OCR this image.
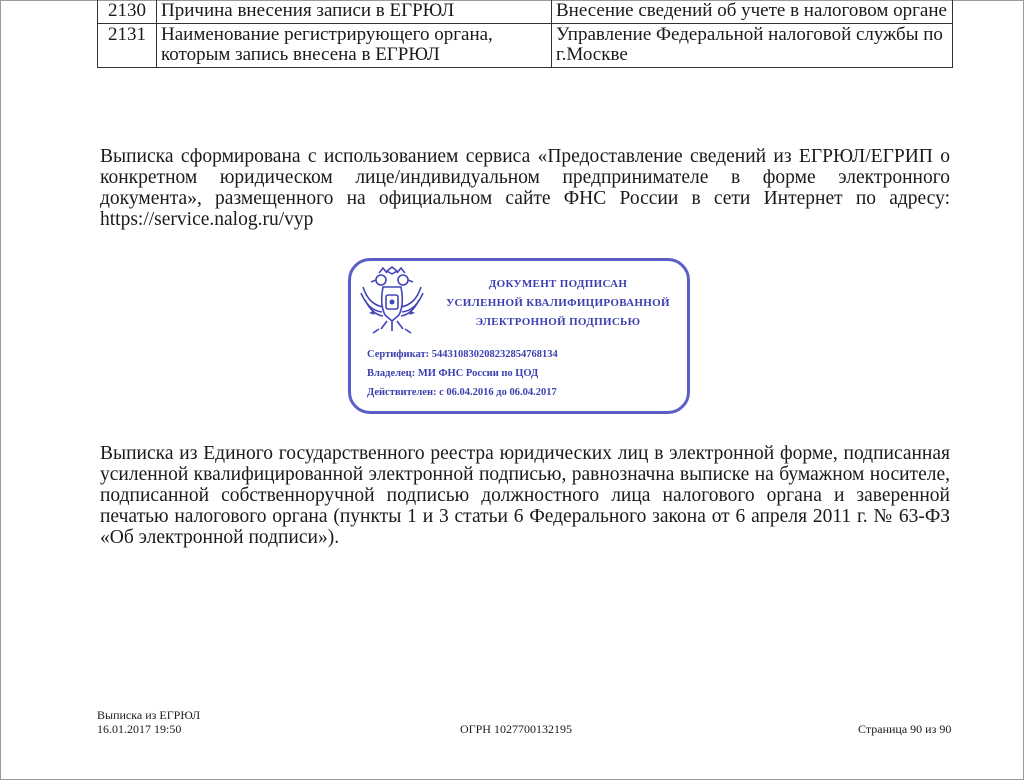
2130	Причина внесения записи в ЕГРЮЛ	Внесение сведений об учете в налоговом органе
2131	Наименование регистрирующего органа, которым запись внесена в ЕГРЮЛ	Управление Федеральной налоговой службы по г.Москве
Выписка сформирована с использованием сервиса «Предоставление сведений из ЕГРЮЛ/ЕГРИП о конкретном юридическом лице/индивидуальном предпринимателе в форме электронного документа», размещенного на официальном сайте ФНС России в сети Интернет по адресу: https://service.nalog.ru/vyp
ДОКУМЕНТ ПОДПИСАН
УСИЛЕННОЙ КВАЛИФИЦИРОВАННОЙ
ЭЛЕКТРОННОЙ ПОДПИСЬЮ
Сертификат: 544310830208232854768134
Владелец: МИ ФНС России по ЦОД
Действителен: с 06.04.2016 до 06.04.2017
Выписка из Единого государственного реестра юридических лиц в электронной форме, подписанная усиленной квалифицированной электронной подписью, равнозначна выписке на бумажном носителе, подписанной собственноручной подписью должностного лица налогового органа и заверенной печатью налогового органа (пункты 1 и 3 статьи 6 Федерального закона от 6 апреля 2011 г. № 63-ФЗ «Об электронной подписи»).
Выписка из ЕГРЮЛ
16.01.2017 19:50	ОГРН 1027700132195	Страница 90 из 90
